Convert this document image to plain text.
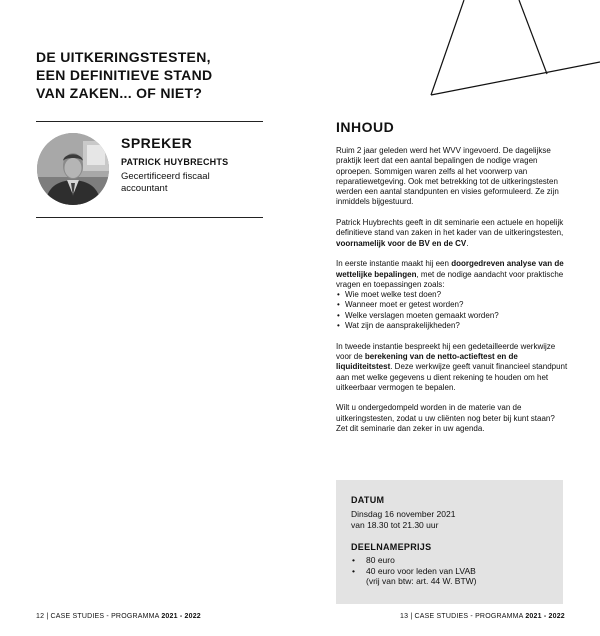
DE UITKERINGSTESTEN,
EEN DEFINITIEVE STAND
VAN ZAKEN... OF NIET?
SPREKER
PATRICK HUYBRECHTS
Gecertificeerd fiscaal accountant
12 | CASE STUDIES - PROGRAMMA 2021 - 2022
INHOUD

Ruim 2 jaar geleden werd het WVV ingevoerd. De dagelijkse praktijk leert dat een aantal bepalingen de nodige vragen oproepen. Sommigen waren zelfs al het voorwerp van reparatiewetgeving. Ook met betrekking tot de uitkeringstesten werden een aantal standpunten en visies geformuleerd. Ze zijn inmiddels bijgestuurd.

Patrick Huybrechts geeft in dit seminarie een actuele en hopelijk definitieve stand van zaken in het kader van de uitkeringstesten, voornamelijk voor de BV en de CV.

In eerste instantie maakt hij een doorgedreven analyse van de wettelijke bepalingen, met de nodige aandacht voor praktische vragen en toepassingen zoals:

• Wie moet welke test doen?
• Wanneer moet er getest worden?
• Welke verslagen moeten gemaakt worden?
• Wat zijn de aansprakelijkheden?

In tweede instantie bespreekt hij een gedetailleerde werkwijze voor de berekening van de netto-actieftest en de liquiditeitstest. Deze werkwijze geeft vanuit financieel standpunt aan met welke gegevens u dient rekening te houden om het uitkeerbaar vermogen te bepalen.

Wilt u ondergedompeld worden in de materie van de uitkeringstesten, zodat u uw cliënten nog beter bij kunt staan? Zet dit seminarie dan zeker in uw agenda.

DATUM
Dinsdag 16 november 2021
van 18.30 tot 21.30 uur
DEELNAMEPRIJS
• 80 euro
• 40 euro voor leden van LVAB
(vrij van btw: art. 44 W. BTW)
13 | CASE STUDIES - PROGRAMMA 2021 - 2022
